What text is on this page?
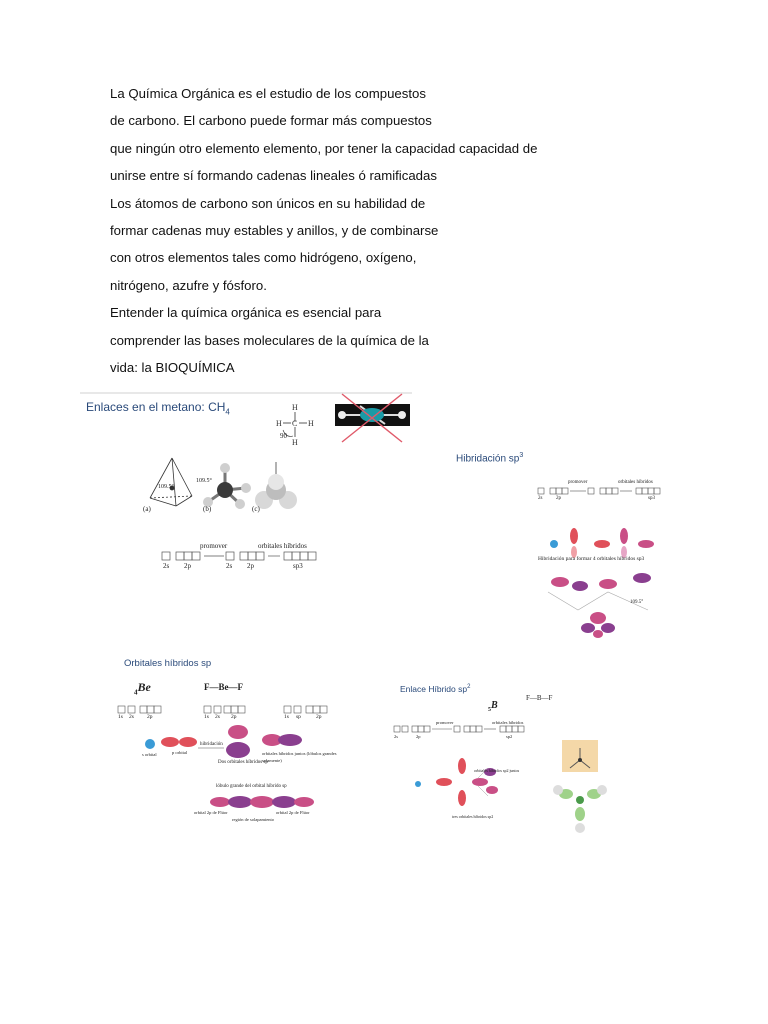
La Química Orgánica es el estudio de los compuestos
de carbono. El carbono puede formar más compuestos
que ningún otro elemento elemento, por tener la capacidad capacidad de
unirse entre sí formando cadenas lineales ó ramificadas
Los átomos de carbono son únicos en su habilidad de
formar cadenas muy estables y anillos, y de combinarse
con otros elementos tales como hidrógeno, oxígeno,
nitrógeno, azufre y fósforo.
Entender la química orgánica es esencial para
comprender las bases moleculares de la química de la
vida: la BIOQUÍMICA
Enlaces en el metano: $CH_4$	H
H C H
H
90
109.5°
109.5°
(a)	(b)	(c)
promover	orbitales híbridos
2s 2p	2s 2p	sp3
Hibridación $sp^3$
promover	orbitales híbridos
2s	2p	sp3
Hibridación para formar 4 orbitales híbridos sp3
109.5°
Orbitales híbridos sp
$_4$Be	F—Be—F
1s 2s 2p	1s 2s 2p	1s sp	2p
s orbital	p orbital
hibridación
Dos orbitales híbridos sp
orbitales híbridos juntos (lóbulos grandes solamente)
lóbulo grande del orbital híbrido sp
orbital 2p de Flúor	orbital 2p de Flúor
región de solapamiento
Enlace Híbrido $sp^2$
$_5$B
F—B—F
promover	orbitales híbridos
2s	2p	sp2
orbitales híbridos sp2 juntos
tres orbitales híbridos sp2
